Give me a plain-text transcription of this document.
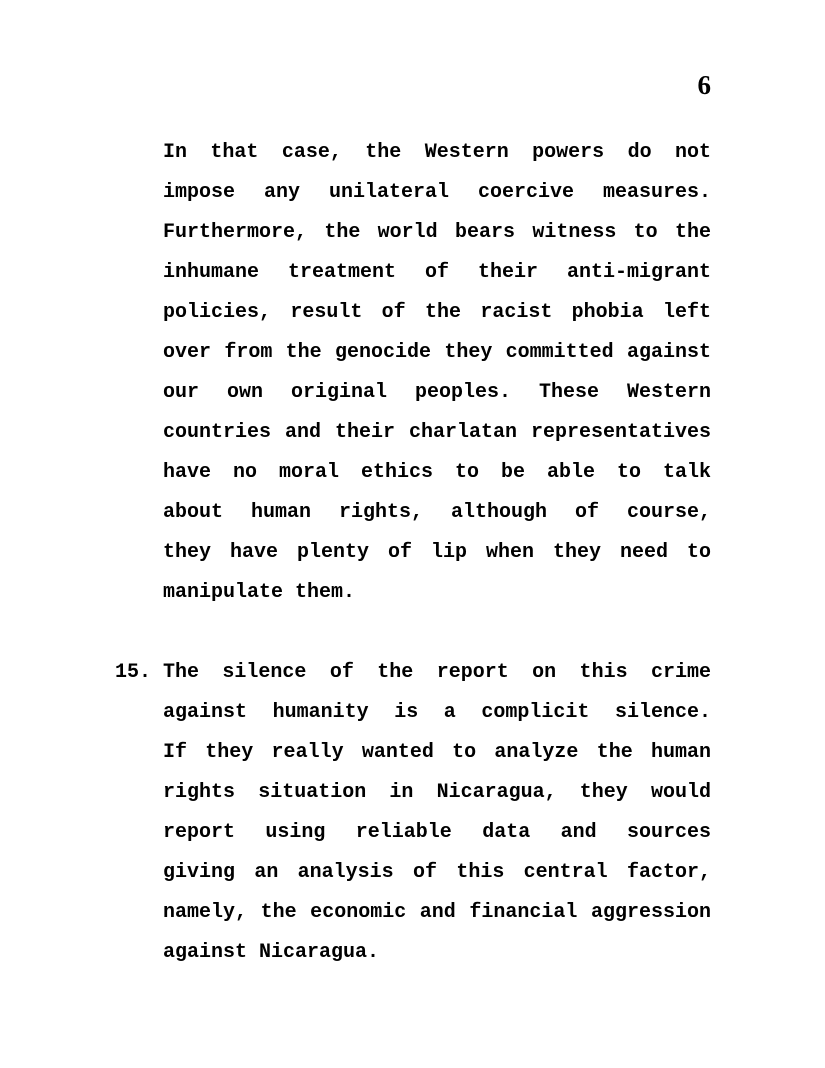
6
In that case, the Western powers do not
impose any unilateral coercive measures.
Furthermore, the world bears witness to the
inhumane treatment of their anti-migrant
policies, result of the racist phobia left
over from the genocide they committed against
our own original peoples. These Western
countries and their charlatan representatives
have no moral ethics to be able to talk
about human rights, although of course,
they have plenty of lip when they need to
manipulate them.
15. The silence of the report on this crime
against humanity is a complicit silence.
If they really wanted to analyze the human
rights situation in Nicaragua, they would
report using reliable data and sources
giving an analysis of this central factor,
namely, the economic and financial aggression
against Nicaragua.
